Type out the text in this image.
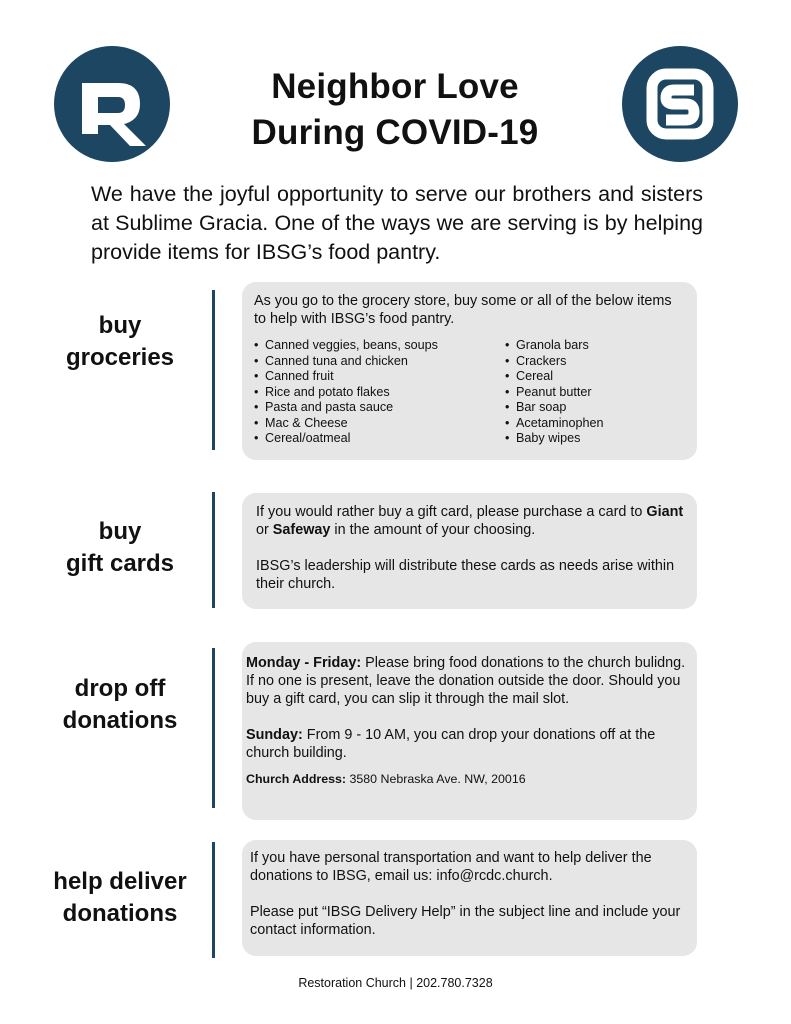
Neighbor Love
During COVID-19

We have the joyful opportunity to serve our brothers and sisters at Sublime Gracia. One of the ways we are serving is by helping provide items for IBSG’s food pantry.

buy
groceries

As you go to the grocery store, buy some or all of the below items to help with IBSG’s food pantry.

• Canned veggies, beans, soups
• Canned tuna and chicken
• Canned fruit
• Rice and potato flakes
• Pasta and pasta sauce
• Mac & Cheese
• Cereal/oatmeal
• Granola bars
• Crackers
• Cereal
• Peanut butter
• Bar soap
• Acetaminophen
• Baby wipes
buy
gift cards

If you would rather buy a gift card, please purchase a card to Giant or Safeway in the amount of your choosing.

IBSG’s leadership will distribute these cards as needs arise within their church.

drop off
donations

Monday - Friday: Please bring food donations to the church bulidng. If no one is present, leave the donation outside the door. Should you buy a gift card, you can slip it through the mail slot.

Sunday: From 9 - 10 AM, you can drop your donations off at the church building.

Church Address: 3580 Nebraska Ave. NW, 20016

help deliver
donations

If you have personal transportation and want to help deliver the donations to IBSG, email us: info@rcdc.church.

Please put “IBSG Delivery Help” in the subject line and include your contact information.

Restoration Church | 202.780.7328
